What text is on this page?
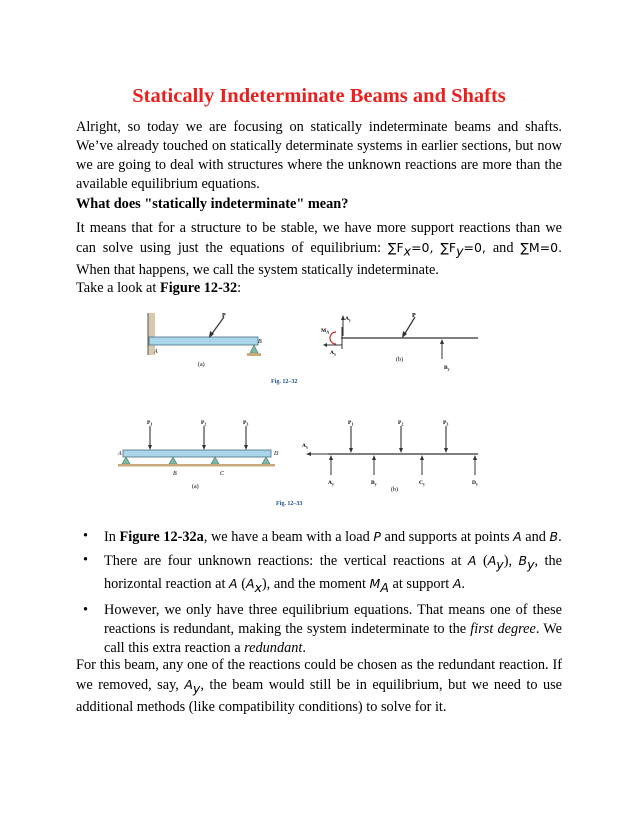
Statically Indeterminate Beams and Shafts

Alright, so today we are focusing on statically indeterminate beams and shafts. We’ve already touched on statically determinate systems in earlier sections, but now we are going to deal with structures where the unknown reactions are more than the available equilibrium equations.

What does "statically indeterminate" mean?

It means that for a structure to be stable, we have more support reactions than we can solve using just the equations of equilibrium: $\sum F_x=0$, $\sum F_y=0$, and ∑M=0. When that happens, we call the system statically indeterminate.

Take a look at Figure 12-32:

P
A
B
(a)
$A_y$
$M_A$
$A_x$
P
$B_y$
(b)
Fig. 12–32
$P_1$	$P_2$	$P_3$
A
B	C
D
(a)
$A_x$
$P_1$	$P_2$	$P_3$
$A_y$	$B_y$	$C_y$	$D_y$
(b)
Fig. 12–33
• In Figure 12-32a, we have a beam with a load P and supports at points A and B.
• There are four unknown reactions: the vertical reactions at A $(A_y)$, $B_y$, the horizontal reaction at A $(A_x)$, and the moment $M_A$ at support A.
• However, we only have three equilibrium equations. That means one of these reactions is redundant, making the system indeterminate to the first degree. We call this extra reaction a redundant.

For this beam, any one of the reactions could be chosen as the redundant reaction. If we removed, say, $A_y$, the beam would still be in equilibrium, but we need to use additional methods (like compatibility conditions) to solve for it.
